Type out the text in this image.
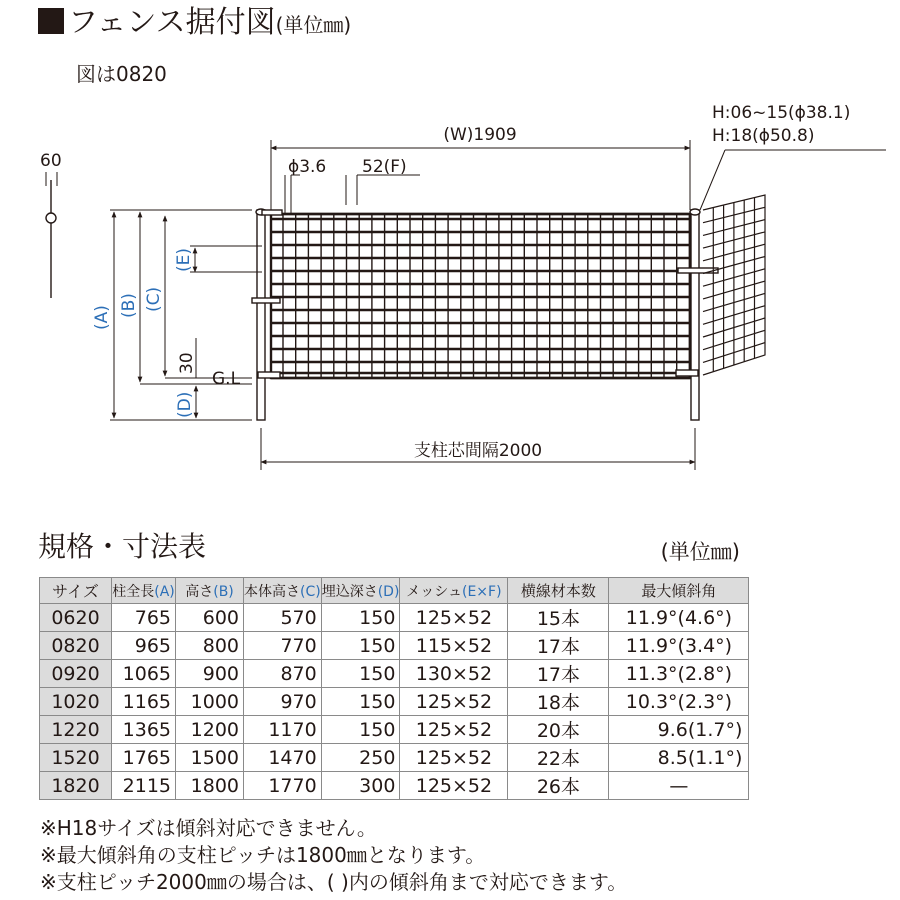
フェンス据付図(単位㎜)
図は0820
(W)1909
支柱芯間隔2000
ϕ3.6 52(F)
60
H:06~15(ϕ38.1)
H:18(ϕ50.8)
G.L
30
(A) (B) (C)
(D)
(E)
規格・寸法表	(単位㎜)
サイズ	柱全長(A)	高さ(B)	本体高さ(C)	埋込深さ(D)	メッシュ(E×F)	横線材本数	最大傾斜角
0620	765	600	570	150	125×52	15本	11.9°(4.6°)
0820	965	800	770	150	115×52	17本	11.9°(3.4°)
0920	1065	900	870	150	130×52	17本	11.3°(2.8°)
1020	1165	1000	970	150	125×52	18本	10.3°(2.3°)
1220	1365	1200	1170	150	125×52	20本	9.6(1.7°)
1520	1765	1500	1470	250	125×52	22本	8.5(1.1°)
1820	2115	1800	1770	300	125×52	26本	—
※H18サイズは傾斜対応できません。
※最大傾斜角の支柱ピッチは1800㎜となります。
※支柱ピッチ2000㎜の場合は、( )内の傾斜角まで対応できます。
